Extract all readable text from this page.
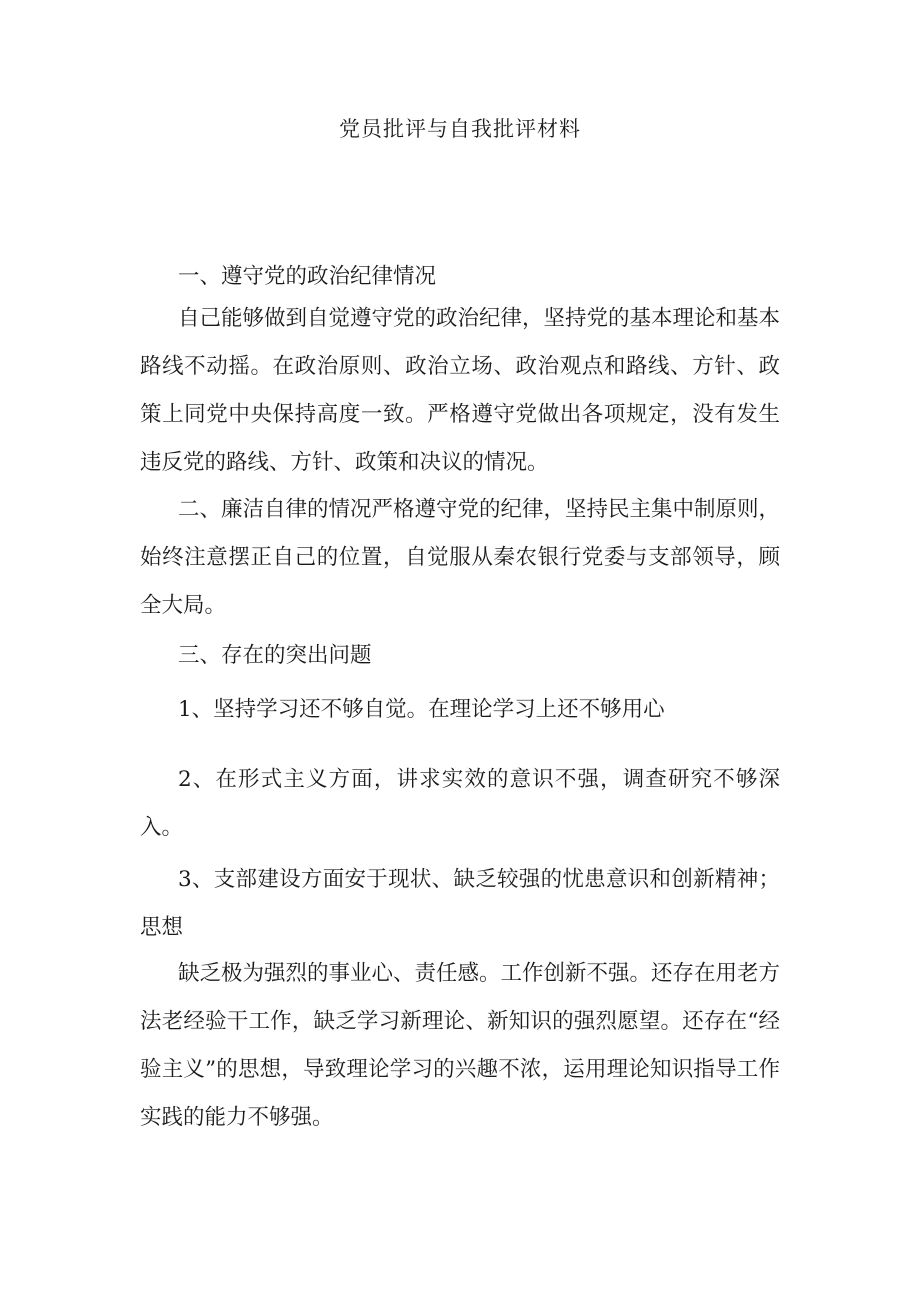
党员批评与自我批评材料

一、遵守党的政治纪律情况

自己能够做到自觉遵守党的政治纪律，坚持党的基本理论和基本路线不动摇。在政治原则、政治立场、政治观点和路线、方针、政策上同党中央保持高度一致。严格遵守党做出各项规定，没有发生违反党的路线、方针、政策和决议的情况。

二、廉洁自律的情况严格遵守党的纪律，坚持民主集中制原则，始终注意摆正自己的位置，自觉服从秦农银行党委与支部领导，顾全大局。

三、存在的突出问题

1、坚持学习还不够自觉。在理论学习上还不够用心

2、在形式主义方面，讲求实效的意识不强，调查研究不够深入。

3、支部建设方面安于现状、缺乏较强的忧患意识和创新精神；思想

缺乏极为强烈的事业心、责任感。工作创新不强。还存在用老方法老经验干工作，缺乏学习新理论、新知识的强烈愿望。还存在“经验主义”的思想，导致理论学习的兴趣不浓，运用理论知识指导工作实践的能力不够强。
